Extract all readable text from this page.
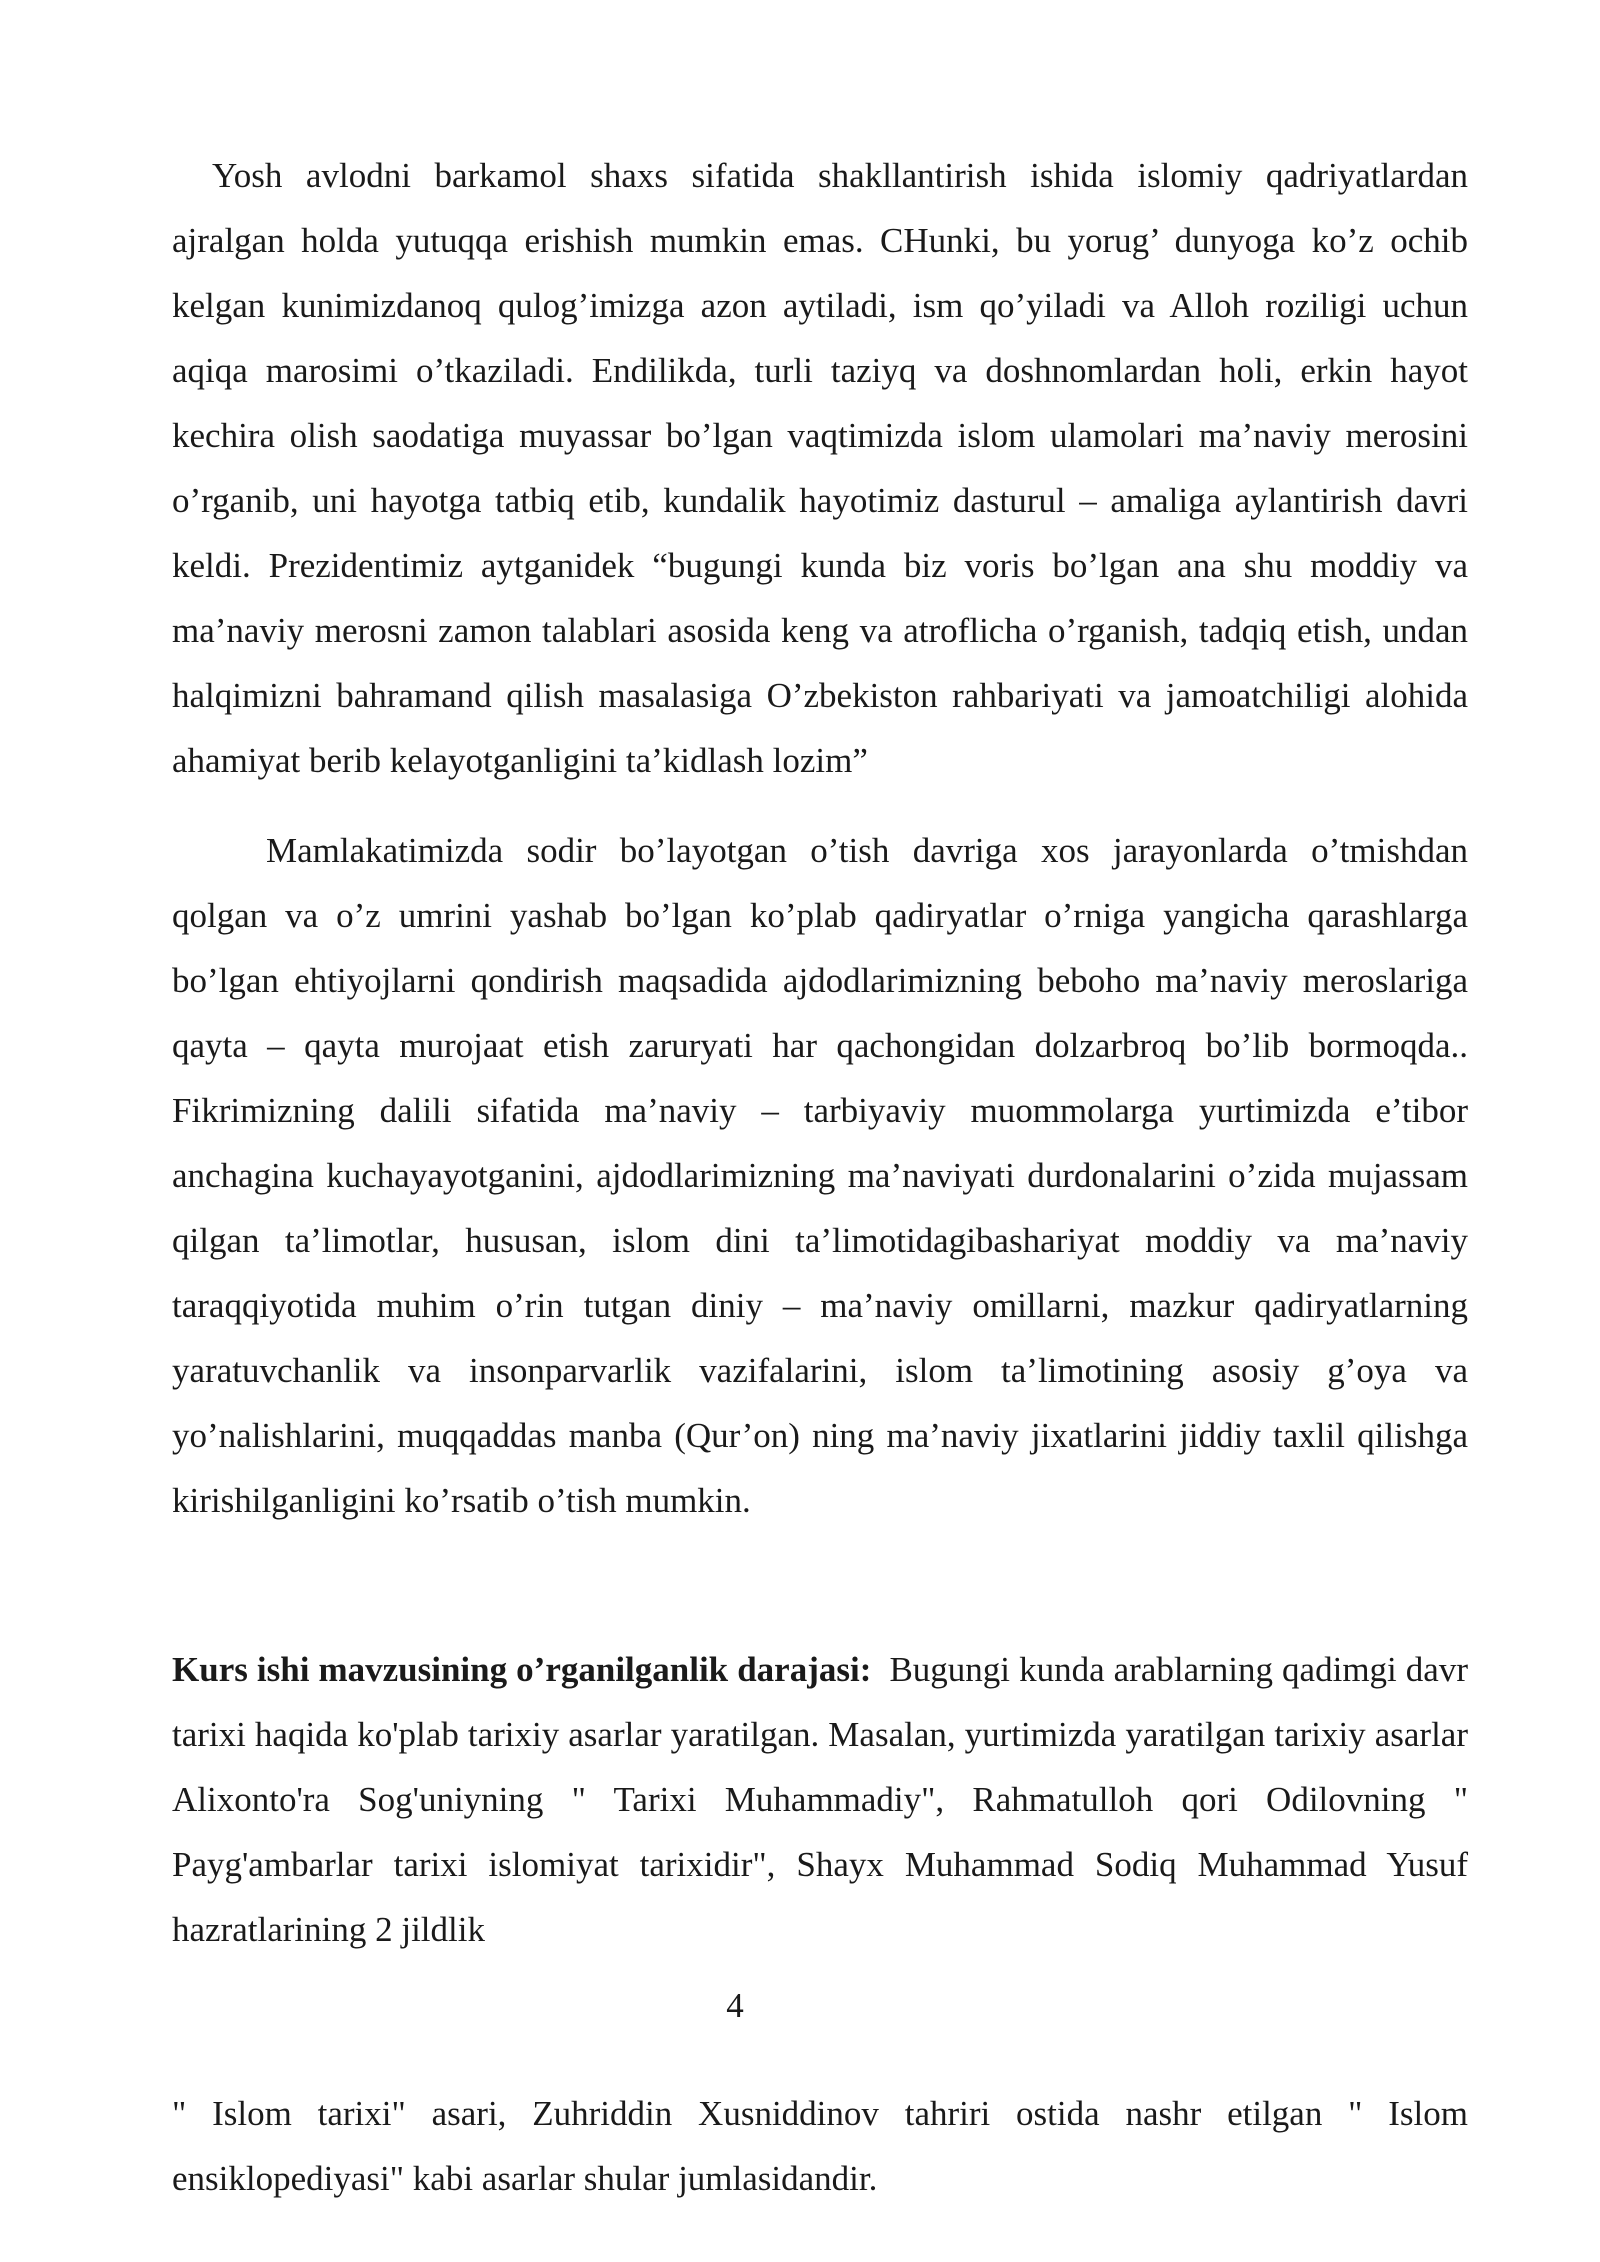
Yosh avlodni barkamol shaxs sifatida shakllantirish ishida islomiy qadriyatlardan ajralgan holda yutuqqa erishish mumkin emas. CHunki, bu yorug’ dunyoga ko’z ochib kelgan kunimizdanoq qulog’imizga azon aytiladi, ism qo’yiladi va Alloh roziligi uchun aqiqa marosimi o’tkaziladi. Endilikda, turli taziyq va doshnomlardan holi, erkin hayot kechira olish saodatiga muyassar bo’lgan vaqtimizda islom ulamolari ma’naviy merosini o’rganib, uni hayotga tatbiq etib, kundalik hayotimiz dasturul – amaliga aylantirish davri keldi. Prezidentimiz aytganidek “bugungi kunda biz voris bo’lgan ana shu moddiy va ma’naviy merosni zamon talablari asosida keng va atroflicha o’rganish, tadqiq etish, undan halqimizni bahramand qilish masalasiga O’zbekiston rahbariyati va jamoatchiligi alohida ahamiyat berib kelayotganligini ta’kidlash lozim”

Mamlakatimizda sodir bo’layotgan o’tish davriga xos jarayonlarda o’tmishdan qolgan va o’z umrini yashab bo’lgan ko’plab qadiryatlar o’rniga yangicha qarashlarga bo’lgan ehtiyojlarni qondirish maqsadida ajdodlarimizning beboho ma’naviy meroslariga qayta – qayta murojaat etish zaruryati har qachongidan dolzarbroq bo’lib bormoqda.. Fikrimizning dalili sifatida ma’naviy – tarbiyaviy muommolarga yurtimizda e’tibor anchagina kuchayayotganini, ajdodlarimizning ma’naviyati durdonalarini o’zida mujassam qilgan ta’limotlar, hususan, islom dini ta’limotidagibashariyat moddiy va ma’naviy taraqqiyotida muhim o’rin tutgan diniy – ma’naviy omillarni, mazkur qadiryatlarning yaratuvchanlik va insonparvarlik vazifalarini, islom ta’limotining asosiy g’oya va yo’nalishlarini, muqqaddas manba (Qur’on) ning ma’naviy jixatlarini jiddiy taxlil qilishga kirishilganligini ko’rsatib o’tish mumkin.

Kurs ishi mavzusining o’rganilganlik darajasi: Bugungi kunda arablarning qadimgi davr tarixi haqida ko'plab tarixiy asarlar yaratilgan. Masalan, yurtimizda yaratilgan tarixiy asarlar Alixonto'ra Sog'uniyning " Tarixi Muhammadiy", Rahmatulloh qori Odilovning " Payg'ambarlar tarixi islomiyat tarixidir", Shayx Muhammad Sodiq Muhammad Yusuf hazratlarining 2 jildlik

4

" Islom tarixi" asari, Zuhriddin Xusniddinov tahriri ostida nashr etilgan " Islom ensiklopediyasi" kabi asarlar shular jumlasidandir.
